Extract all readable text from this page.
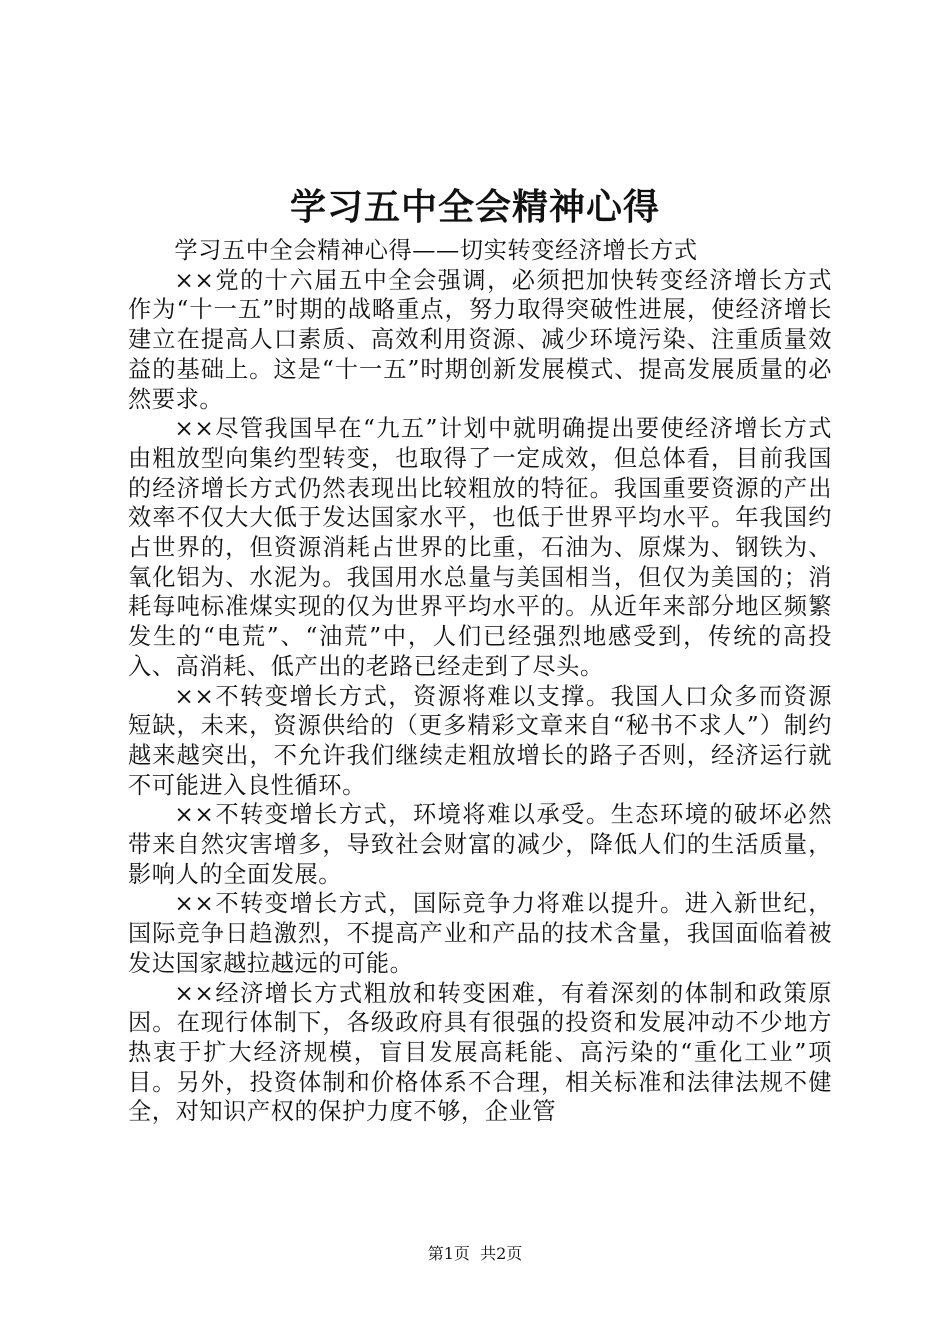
学习五中全会精神心得

学习五中全会精神心得——切实转变经济增长方式

××党的十六届五中全会强调，必须把加快转变经济增长方式作为“十一五”时期的战略重点，努力取得突破性进展，使经济增长建立在提高人口素质、高效利用资源、减少环境污染、注重质量效益的基础上。这是“十一五”时期创新发展模式、提高发展质量的必然要求。

××尽管我国早在“九五”计划中就明确提出要使经济增长方式由粗放型向集约型转变，也取得了一定成效，但总体看，目前我国的经济增长方式仍然表现出比较粗放的特征。我国重要资源的产出效率不仅大大低于发达国家水平，也低于世界平均水平。年我国约占世界的，但资源消耗占世界的比重，石油为、原煤为、钢铁为、氧化铝为、水泥为。我国用水总量与美国相当，但仅为美国的；消耗每吨标准煤实现的仅为世界平均水平的。从近年来部分地区频繁发生的“电荒”、“油荒”中，人们已经强烈地感受到，传统的高投入、高消耗、低产出的老路已经走到了尽头。

××不转变增长方式，资源将难以支撑。我国人口众多而资源短缺，未来，资源供给的（更多精彩文章来自“秘书不求人”）制约越来越突出，不允许我们继续走粗放增长的路子否则，经济运行就不可能进入良性循环。

××不转变增长方式，环境将难以承受。生态环境的破坏必然带来自然灾害增多，导致社会财富的减少，降低人们的生活质量，影响人的全面发展。

××不转变增长方式，国际竞争力将难以提升。进入新世纪，国际竞争日趋激烈，不提高产业和产品的技术含量，我国面临着被发达国家越拉越远的可能。

××经济增长方式粗放和转变困难，有着深刻的体制和政策原因。在现行体制下，各级政府具有很强的投资和发展冲动不少地方热衷于扩大经济规模，盲目发展高耗能、高污染的“重化工业”项目。另外，投资体制和价格体系不合理，相关标准和法律法规不健全，对知识产权的保护力度不够，企业管

第1页 共2页
